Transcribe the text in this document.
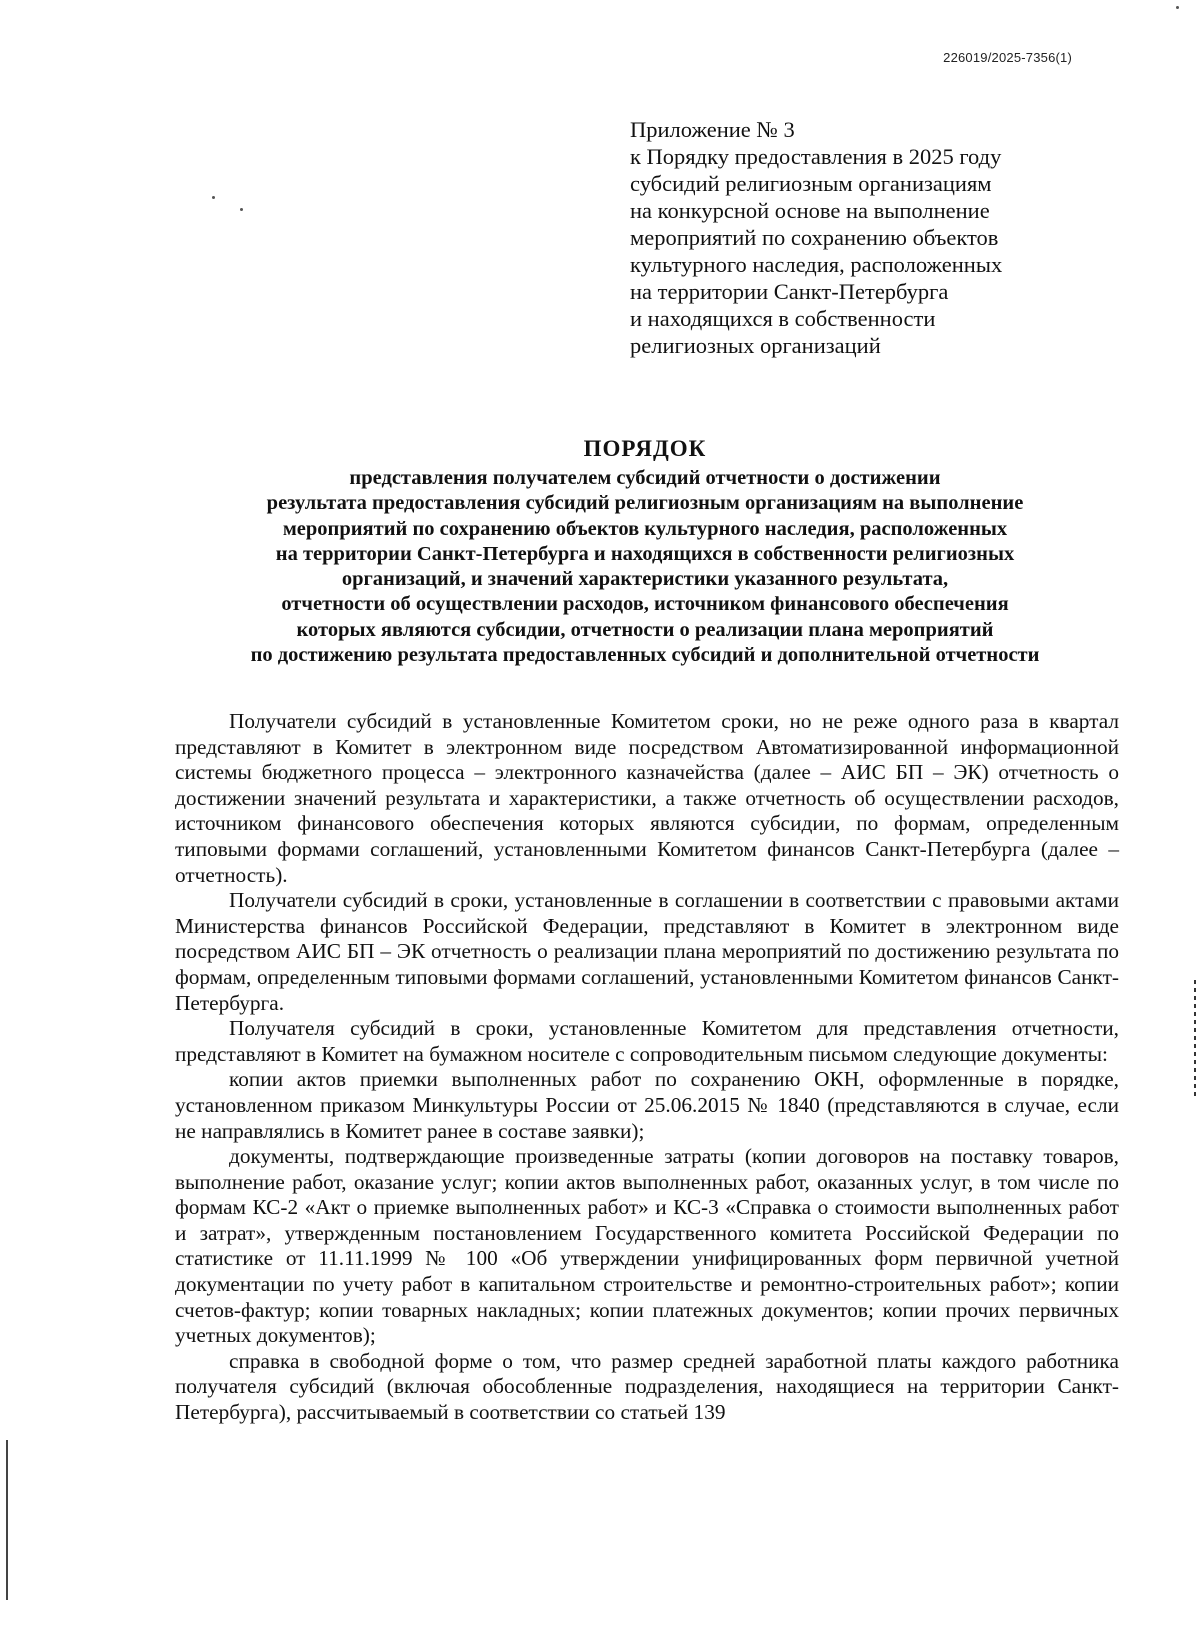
226019/2025-7356(1)
Приложение № 3
к Порядку предоставления в 2025 году
субсидий религиозным организациям
на конкурсной основе на выполнение
мероприятий по сохранению объектов
культурного наследия, расположенных
на территории Санкт-Петербурга
и находящихся в собственности
религиозных организаций
ПОРЯДОК
представления получателем субсидий отчетности о достижении
результата предоставления субсидий религиозным организациям на выполнение
мероприятий по сохранению объектов культурного наследия, расположенных
на территории Санкт-Петербурга и находящихся в собственности религиозных
организаций, и значений характеристики указанного результата,
отчетности об осуществлении расходов, источником финансового обеспечения
которых являются субсидии, отчетности о реализации плана мероприятий
по достижению результата предоставленных субсидий и дополнительной отчетности

Получатели субсидий в установленные Комитетом сроки, но не реже одного раза в квартал представляют в Комитет в электронном виде посредством Автоматизированной информационной системы бюджетного процесса – электронного казначейства (далее – АИС БП – ЭК) отчетность о достижении значений результата и характеристики, а также отчетность об осуществлении расходов, источником финансового обеспечения которых являются субсидии, по формам, определенным типовыми формами соглашений, установленными Комитетом финансов Санкт-Петербурга (далее – отчетность).

Получатели субсидий в сроки, установленные в соглашении в соответствии с правовыми актами Министерства финансов Российской Федерации, представляют в Комитет в электронном виде посредством АИС БП – ЭК отчетность о реализации плана мероприятий по достижению результата по формам, определенным типовыми формами соглашений, установленными Комитетом финансов Санкт-Петербурга.

Получателя субсидий в сроки, установленные Комитетом для представления отчетности, представляют в Комитет на бумажном носителе с сопроводительным письмом следующие документы:

копии актов приемки выполненных работ по сохранению ОКН, оформленные в порядке, установленном приказом Минкультуры России от 25.06.2015 № 1840 (представляются в случае, если не направлялись в Комитет ранее в составе заявки);

документы, подтверждающие произведенные затраты (копии договоров на поставку товаров, выполнение работ, оказание услуг; копии актов выполненных работ, оказанных услуг, в том числе по формам КС-2 «Акт о приемке выполненных работ» и КС-3 «Справка о стоимости выполненных работ и затрат», утвержденным постановлением Государственного комитета Российской Федерации по статистике от 11.11.1999 № 100 «Об утверждении унифицированных форм первичной учетной документации по учету работ в капитальном строительстве и ремонтно-строительных работ»; копии счетов-фактур; копии товарных накладных; копии платежных документов; копии прочих первичных учетных документов);

справка в свободной форме о том, что размер средней заработной платы каждого работника получателя субсидий (включая обособленные подразделения, находящиеся на территории Санкт-Петербурга), рассчитываемый в соответствии со статьей 139
